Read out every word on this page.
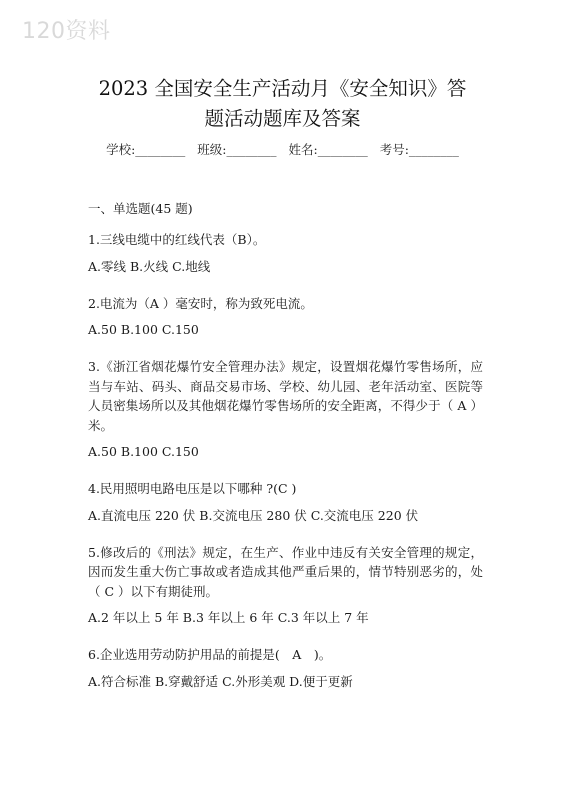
120资料
2023 全国安全生产活动月《安全知识》答
题活动题库及答案
学校:________ 班级:________ 姓名:________ 考号:________
一、单选题(45 题)
1.三线电缆中的红线代表（B）。
A.零线 B.火线 C.地线
2.电流为（A ）毫安时，称为致死电流。
A.50 B.100 C.150
3.《浙江省烟花爆竹安全管理办法》规定，设置烟花爆竹零售场所，应当与车站、码头、商品交易市场、学校、幼儿园、老年活动室、医院等人员密集场所以及其他烟花爆竹零售场所的安全距离，不得少于（ A ）米。
A.50 B.100 C.150
4.民用照明电路电压是以下哪种 ?(C )
A.直流电压 220 伏 B.交流电压 280 伏 C.交流电压 220 伏
5.修改后的《刑法》规定，在生产、作业中违反有关安全管理的规定，因而发生重大伤亡事故或者造成其他严重后果的，情节特别恶劣的，处（ C ）以下有期徒刑。
A.2 年以上 5 年 B.3 年以上 6 年 C.3 年以上 7 年
6.企业选用劳动防护用品的前提是(　A　)。
A.符合标准 B.穿戴舒适 C.外形美观 D.便于更新
